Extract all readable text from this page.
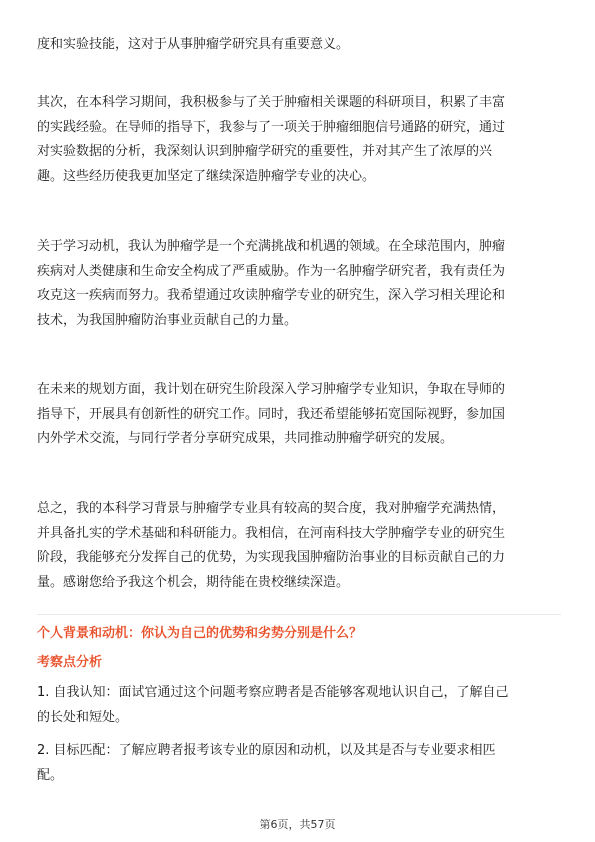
度和实验技能，这对于从事肿瘤学研究具有重要意义。

其次，在本科学习期间，我积极参与了关于肿瘤相关课题的科研项目，积累了丰富
的实践经验。在导师的指导下，我参与了一项关于肿瘤细胞信号通路的研究，通过
对实验数据的分析，我深刻认识到肿瘤学研究的重要性，并对其产生了浓厚的兴
趣。这些经历使我更加坚定了继续深造肿瘤学专业的决心。

关于学习动机，我认为肿瘤学是一个充满挑战和机遇的领域。在全球范围内，肿瘤
疾病对人类健康和生命安全构成了严重威胁。作为一名肿瘤学研究者，我有责任为
攻克这一疾病而努力。我希望通过攻读肿瘤学专业的研究生，深入学习相关理论和
技术，为我国肿瘤防治事业贡献自己的力量。

在未来的规划方面，我计划在研究生阶段深入学习肿瘤学专业知识，争取在导师的
指导下，开展具有创新性的研究工作。同时，我还希望能够拓宽国际视野，参加国
内外学术交流，与同行学者分享研究成果，共同推动肿瘤学研究的发展。

总之，我的本科学习背景与肿瘤学专业具有较高的契合度，我对肿瘤学充满热情，
并具备扎实的学术基础和科研能力。我相信，在河南科技大学肿瘤学专业的研究生
阶段，我能够充分发挥自己的优势，为实现我国肿瘤防治事业的目标贡献自己的力
量。感谢您给予我这个机会，期待能在贵校继续深造。

个人背景和动机：你认为自己的优势和劣势分别是什么？
考察点分析

1. 自我认知：面试官通过这个问题考察应聘者是否能够客观地认识自己，了解自己
的长处和短处。

2. 目标匹配：了解应聘者报考该专业的原因和动机，以及其是否与专业要求相匹
配。

第6页，共57页
